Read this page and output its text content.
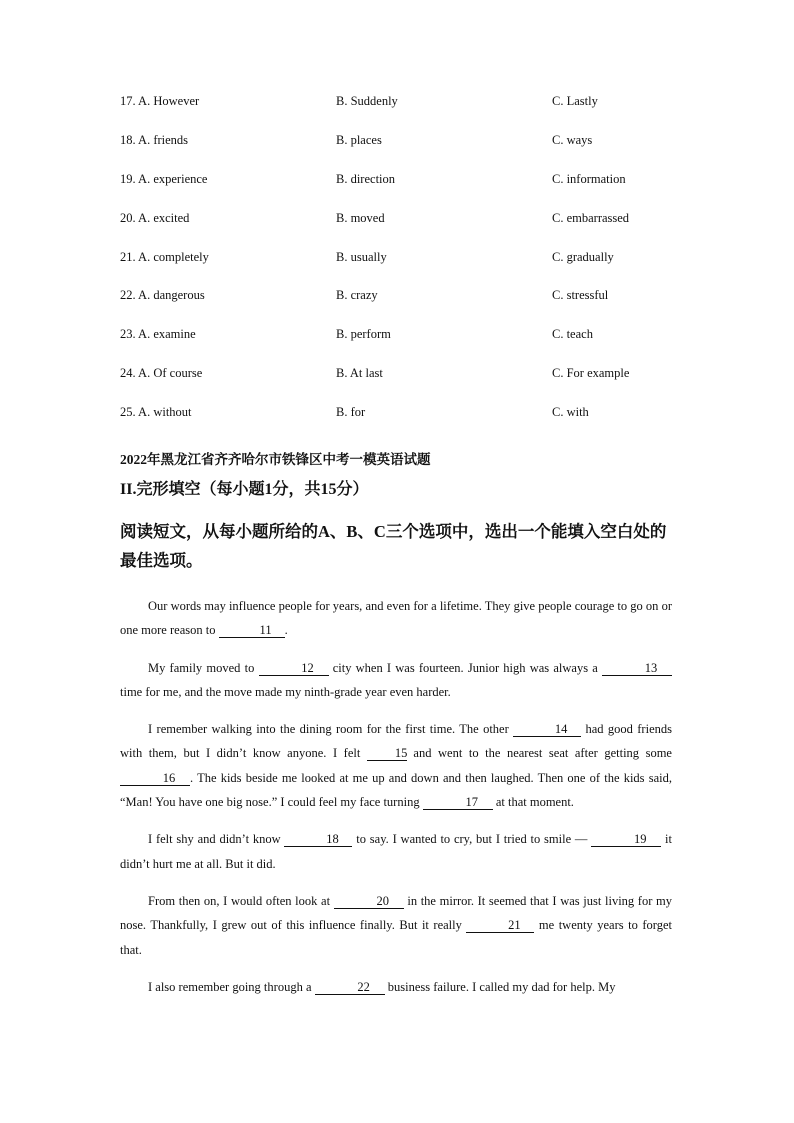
17. A. However	B. Suddenly	C. Lastly
18. A. friends	B. places	C. ways
19. A. experience	B. direction	C. information
20. A. excited	B. moved	C. embarrassed
21. A. completely	B. usually	C. gradually
22. A. dangerous	B. crazy	C. stressful
23. A. examine	B. perform	C. teach
24. A. Of course	B. At last	C. For example
25. A. without	B. for	C. with
2022年黑龙江省齐齐哈尔市铁锋区中考一模英语试题
II.完形填空（每小题1分，共15分）
阅读短文，从每小题所给的A、B、C三个选项中，选出一个能填入空白处的最佳选项。

Our words may influence people for years, and even for a lifetime. They give people courage to go on or one more reason to	11 .

My family moved to	12 city when I was fourteen. Junior high was always a	13 time for me, and the move made my ninth-grade year even harder.

I remember walking into the dining room for the first time. The other	14 had good friends with them, but I didn’t know anyone. I felt 15 and went to the nearest seat after getting some 16 . The kids beside me looked at me up and down and then laughed. Then one of the kids said, “Man! You have one big nose.” I could feel my face turning	17 at that moment.

I felt shy and didn’t know	18 to say. I wanted to cry, but I tried to smile —	19 it didn’t hurt me at all. But it did.

From then on, I would often look at	20 in the mirror. It seemed that I was just living for my nose. Thankfully, I grew out of this influence finally. But it really	21 me twenty years to forget that.

I also remember going through a	22 business failure. I called my dad for help. My
